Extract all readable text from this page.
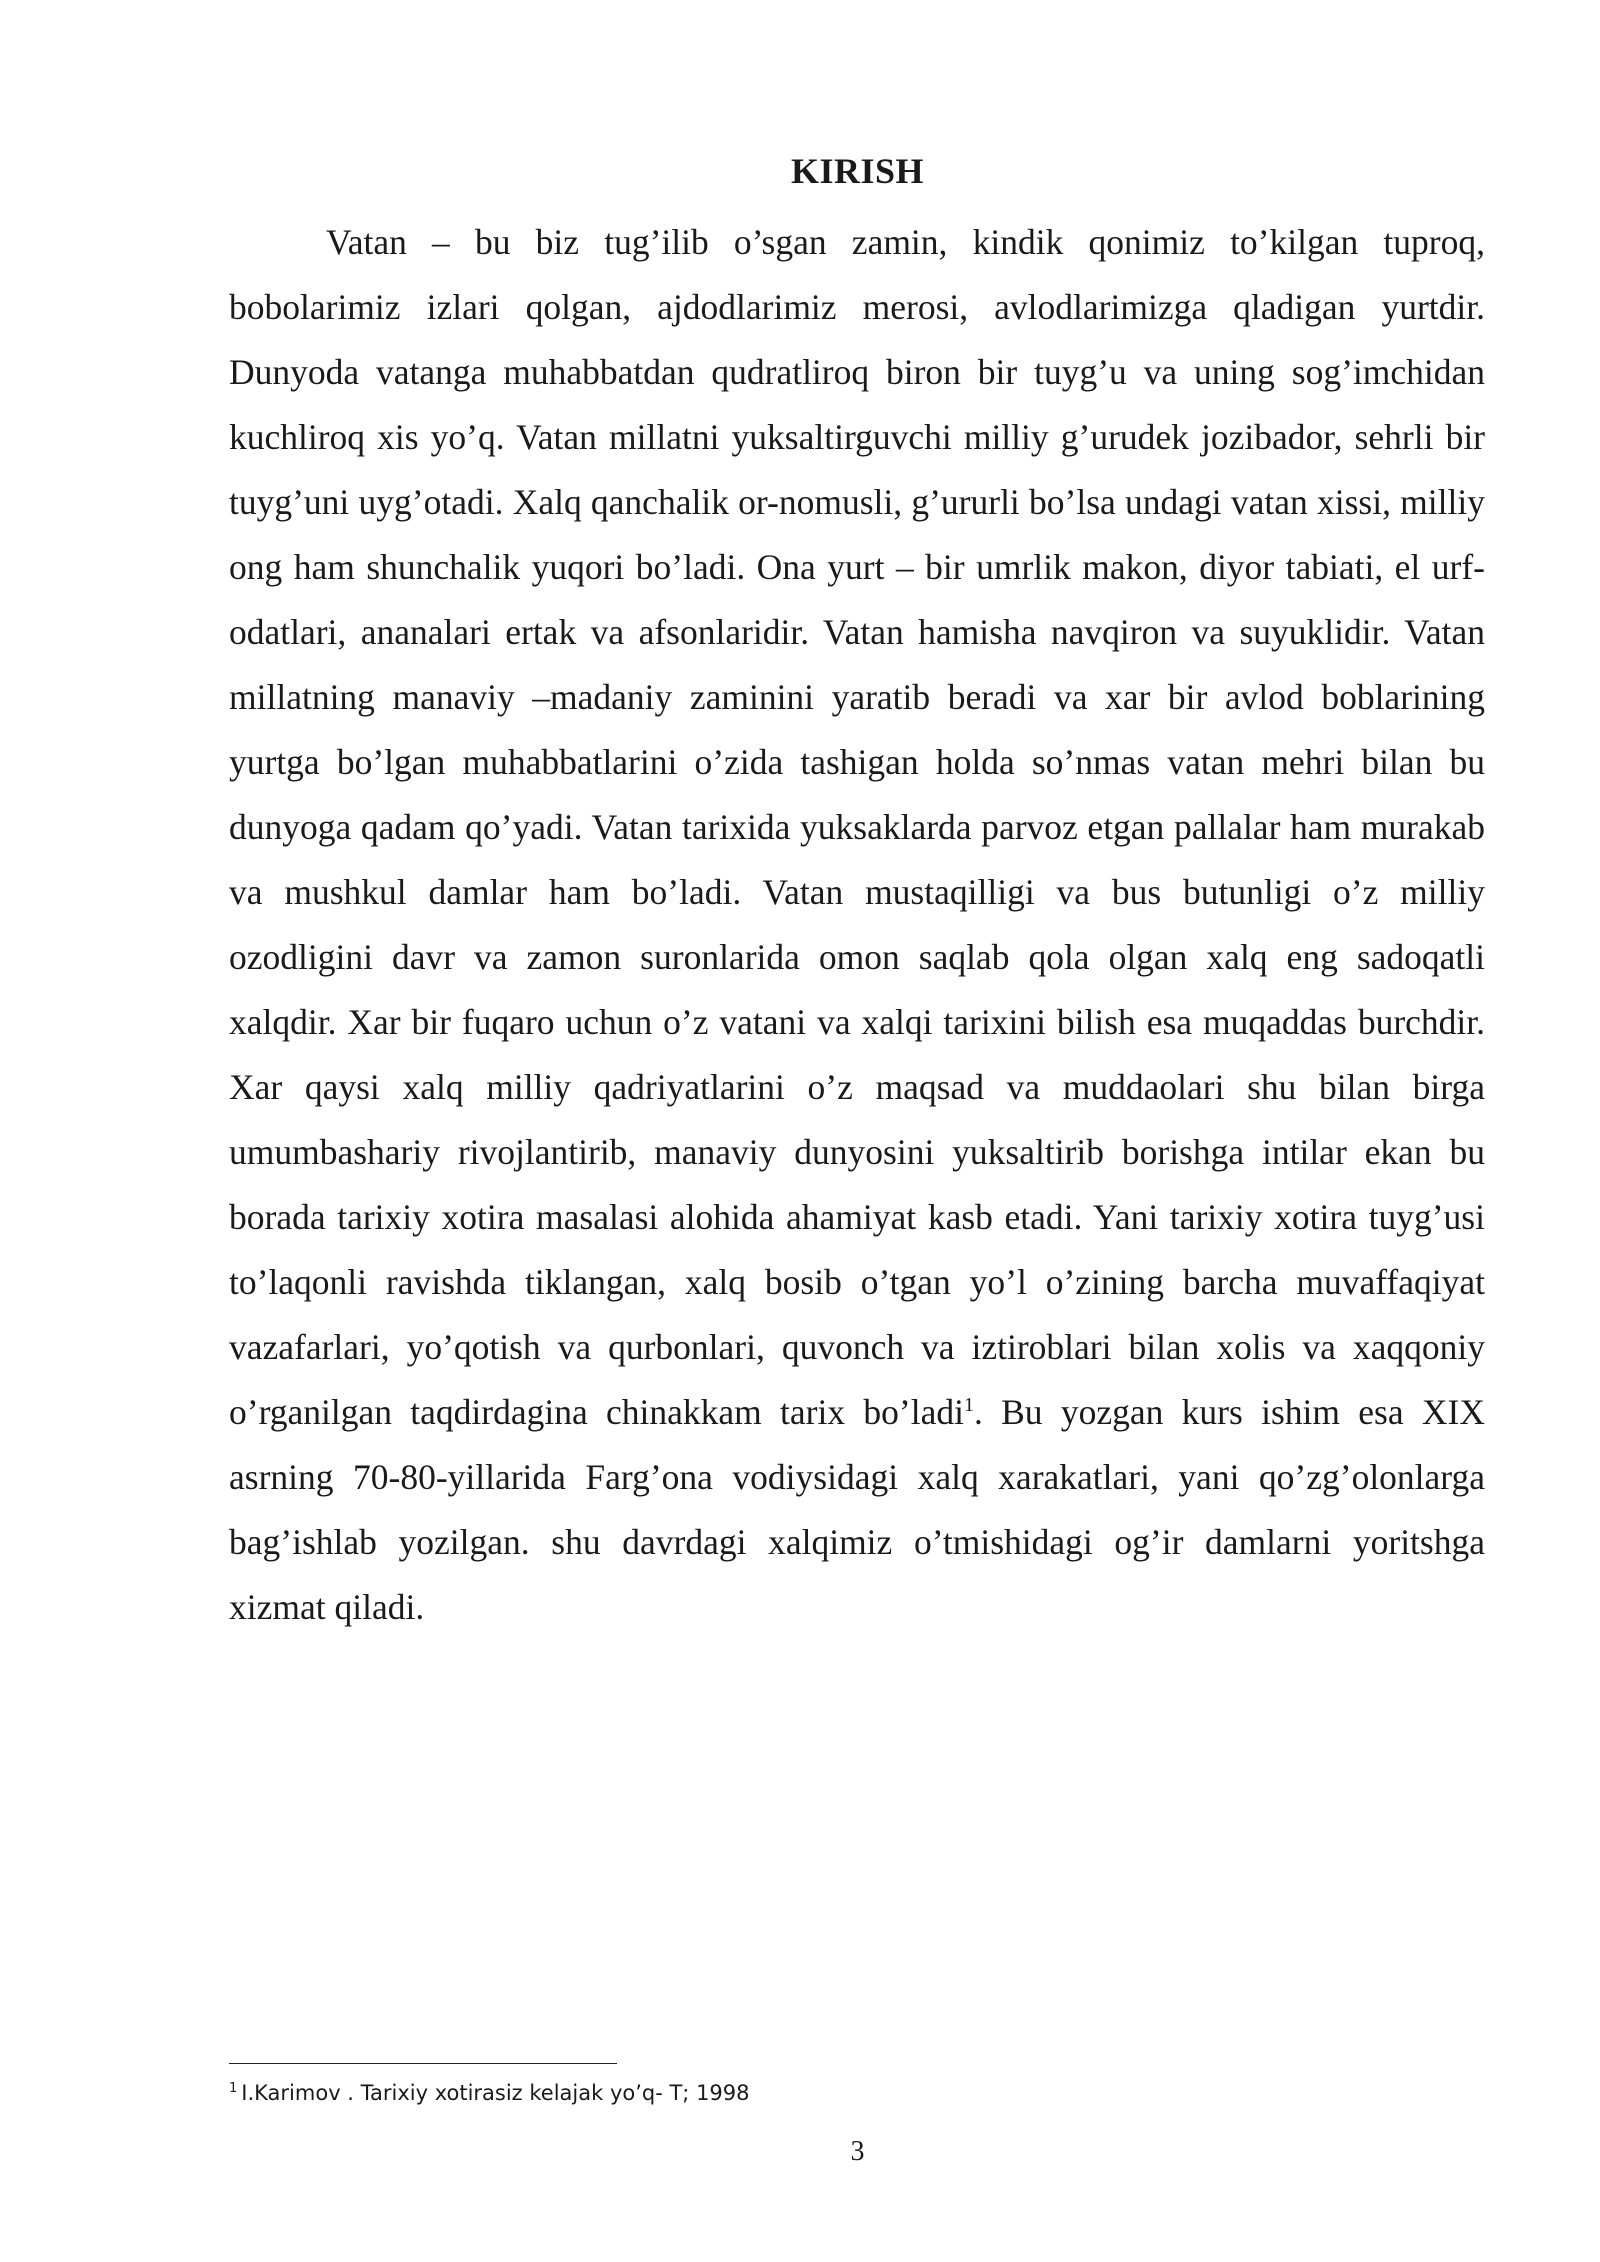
KIRISH

Vatan – bu biz tug’ilib o’sgan zamin, kindik qonimiz to’kilgan tuproq, bobolarimiz izlari qolgan, ajdodlarimiz merosi, avlodlarimizga qladigan yurtdir. Dunyoda vatanga muhabbatdan qudratliroq biron bir tuyg’u va uning sog’imchidan kuchliroq xis yo’q. Vatan millatni yuksaltirguvchi milliy g’urudek jozibador, sehrli bir tuyg’uni uyg’otadi. Xalq qanchalik or-nomusli, g’ururli bo’lsa undagi vatan xissi, milliy ong ham shunchalik yuqori bo’ladi. Ona yurt – bir umrlik makon, diyor tabiati, el urf- odatlari, ananalari ertak va afsonlaridir. Vatan hamisha navqiron va suyuklidir. Vatan millatning manaviy –madaniy zaminini yaratib beradi va xar bir avlod boblarining yurtga bo’lgan muhabbatlarini o’zida tashigan holda so’nmas vatan mehri bilan bu dunyoga qadam qo’yadi. Vatan tarixida yuksaklarda parvoz etgan pallalar ham murakab va mushkul damlar ham bo’ladi. Vatan mustaqilligi va bus butunligi o’z milliy ozodligini davr va zamon suronlarida omon saqlab qola olgan xalq eng sadoqatli xalqdir. Xar bir fuqaro uchun o’z vatani va xalqi tarixini bilish esa muqaddas burchdir. Xar qaysi xalq milliy qadriyatlarini o’z maqsad va muddaolari shu bilan birga umumbashariy rivojlantirib, manaviy dunyosini yuksaltirib borishga intilar ekan bu borada tarixiy xotira masalasi alohida ahamiyat kasb etadi. Yani tarixiy xotira tuyg’usi to’laqonli ravishda tiklangan, xalq bosib o’tgan yo’l o’zining barcha muvaffaqiyat vazafarlari, yo’qotish va qurbonlari, quvonch va iztiroblari bilan xolis va xaqqoniy o’rganilgan taqdirdagina chinakkam tarix bo’ladi$^1$. Bu yozgan kurs ishim esa XIX asrning 70-80-yillarida Farg’ona vodiysidagi xalq xarakatlari, yani qo’zg’olonlarga bag’ishlab yozilgan. shu davrdagi xalqimiz o’tmishidagi og’ir damlarni yoritshga xizmat qiladi.

$^1$ I.Karimov . Tarixiy xotirasiz kelajak yo’q- T; 1998

3
